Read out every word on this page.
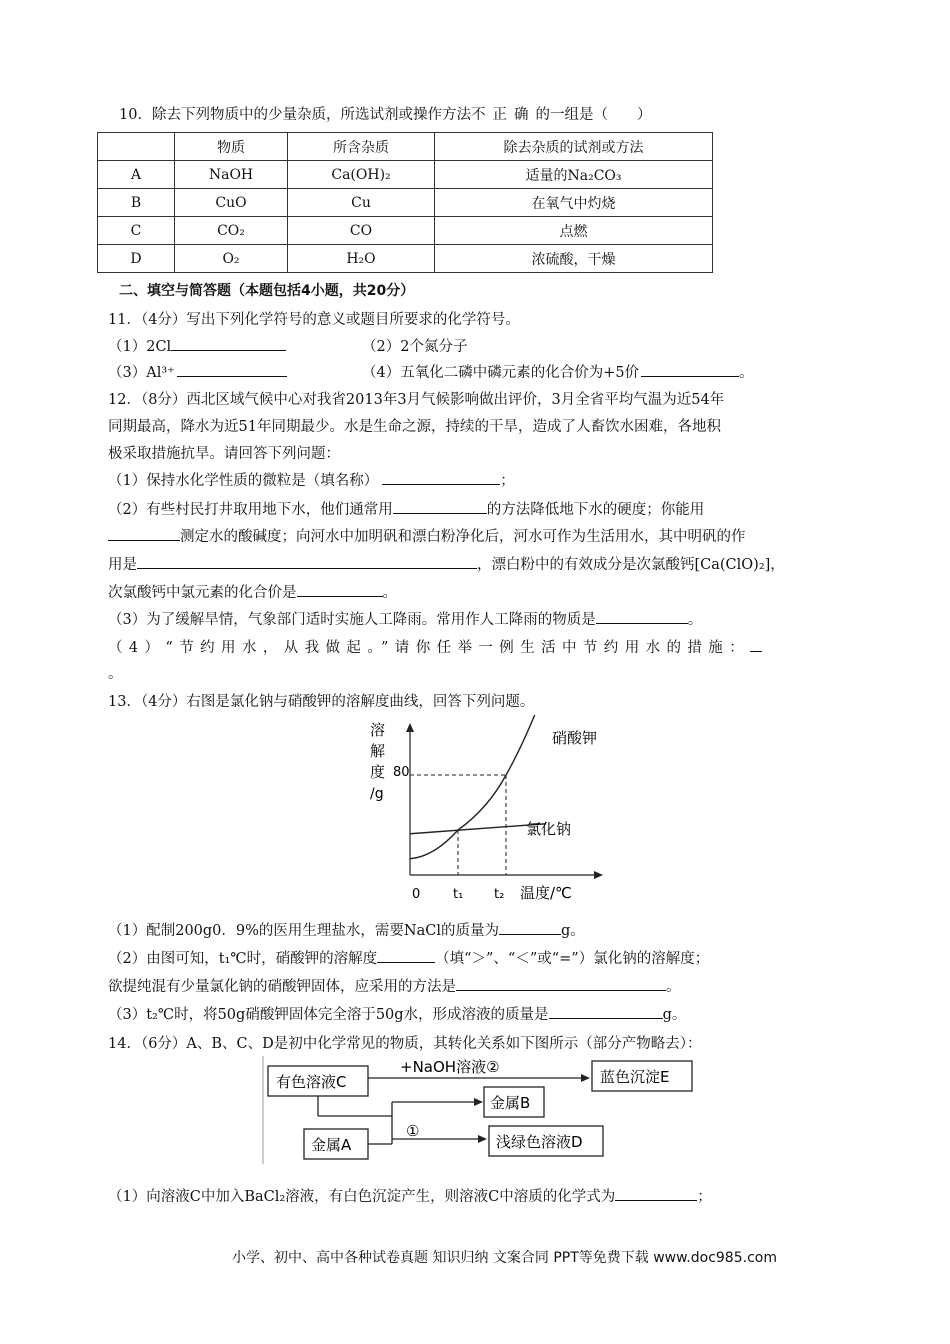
10．除去下列物质中的少量杂质，所选试剂或操作方法不正确的一组是（　　）
	物质	所含杂质	除去杂质的试剂或方法
A	NaOH	Ca(OH)₂	适量的Na₂CO₃
B	CuO	Cu	在氧气中灼烧
C	CO₂	CO	点燃
D	O₂	H₂O	浓硫酸，干燥
二、填空与简答题（本题包括4小题，共20分）
11．（4分）写出下列化学符号的意义或题目所要求的化学符号。
（1）2Cl	（2）2个氮分子
（3）Al³⁺	（4）五氧化二磷中磷元素的化合价为+5价	。
12．（8分）西北区域气候中心对我省2013年3月气候影响做出评价，3月全省平均气温为近54年
同期最高，降水为近51年同期最少。水是生命之源，持续的干旱，造成了人畜饮水困难，各地积
极采取措施抗旱。请回答下列问题：
（1）保持水化学性质的微粒是（填名称）	；
（2）有些村民打井取用地下水，他们通常用	的方法降低地下水的硬度；你能用
测定水的酸碱度；向河水中加明矾和漂白粉净化后，河水可作为生活用水，其中明矾的作
用是	，漂白粉中的有效成分是次氯酸钙[Ca(ClO)₂]，
次氯酸钙中氯元素的化合价是	。
（3）为了缓解旱情，气象部门适时实施人工降雨。常用作人工降雨的物质是	。
（4）“节约用水，从我做起。”请你任举一例生活中节约用水的措施：
。
13．（4分）右图是氯化钠与硝酸钾的溶解度曲线，回答下列问题。
溶
解
度
/g
0	t₁ t₂ 温度/℃
80
硝酸钾
氯化钠
（1）配制200g0．9%的医用生理盐水，需要NaCl的质量为	g。
（2）由图可知，t₁℃时，硝酸钾的溶解度	（填“＞”、“＜”或“=”）氯化钠的溶解度；
欲提纯混有少量氯化钠的硝酸钾固体，应采用的方法是	。
（3）t₂℃时，将50g硝酸钾固体完全溶于50g水，形成溶液的质量是	g。
14．（6分）A、B、C、D是初中化学常见的物质，其转化关系如下图所示（部分产物略去）：
+NaOH溶液②
有色溶液C	蓝色沉淀E
金属B
①
金属A	浅绿色溶液D
（1）向溶液C中加入BaCl₂溶液，有白色沉淀产生，则溶液C中溶质的化学式为	；
小学、初中、高中各种试卷真题 知识归纳 文案合同 PPT等免费下载 www.doc985.com
